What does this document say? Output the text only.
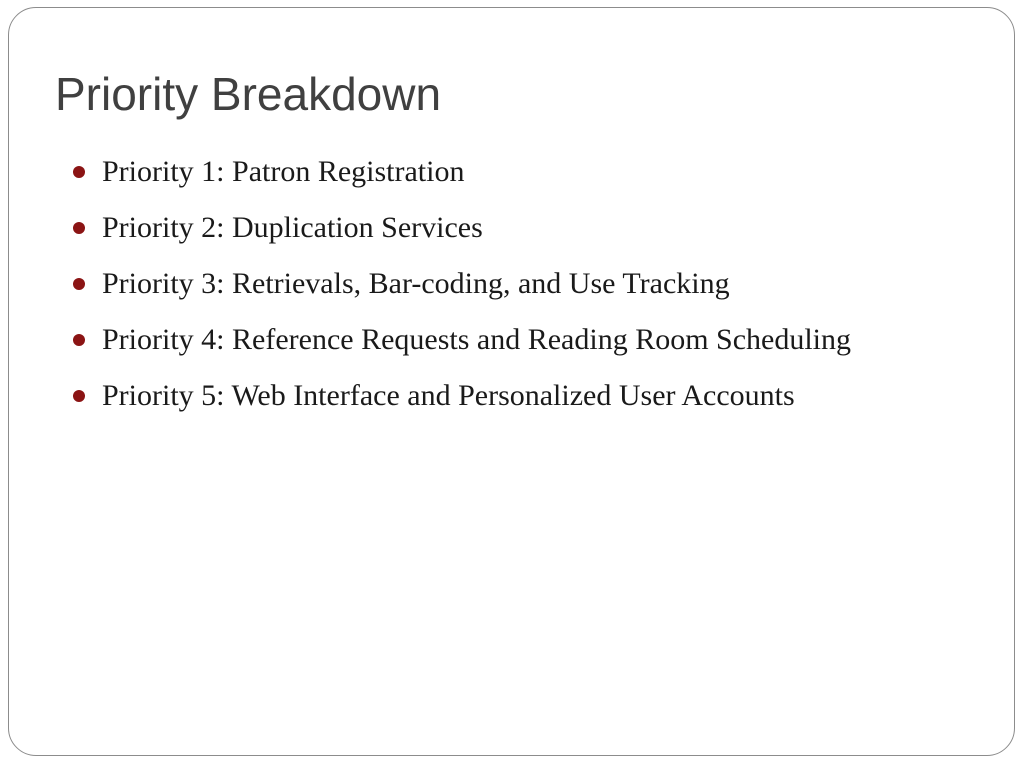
Priority Breakdown
Priority 1: Patron Registration
Priority 2: Duplication Services
Priority 3: Retrievals, Bar-coding, and Use Tracking
Priority 4: Reference Requests and Reading Room Scheduling
Priority 5: Web Interface and Personalized User Accounts
